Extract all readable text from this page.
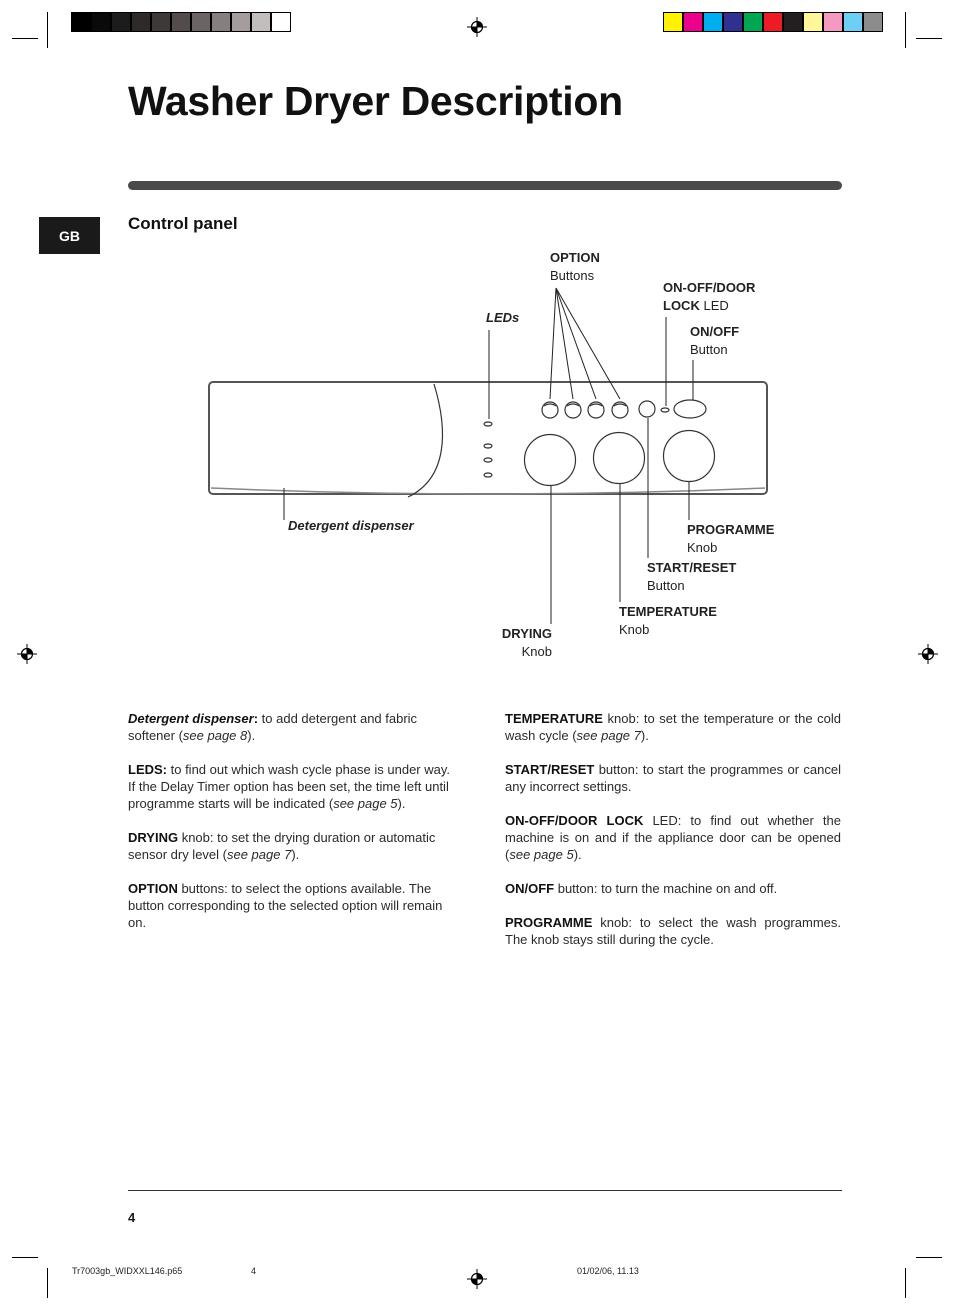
Washer Dryer Description
GB
Control panel
OPTION
Buttons
ON-OFF/DOOR
LOCK LED
ON/OFF
Button
LEDs
Detergent dispenser	PROGRAMME
Knob
START/RESET
Button
TEMPERATURE
Knob
DRYING
Knob

Detergent dispenser: to add detergent and fabric softener (see page 8).

LEDS: to find out which wash cycle phase is under way.
If the Delay Timer option has been set, the time left until programme starts will be indicated (see page 5).

DRYING knob: to set the drying duration or automatic sensor dry level (see page 7).

OPTION buttons: to select the options available. The button corresponding to the selected option will remain on.

TEMPERATURE knob: to set the temperature or the cold wash cycle (see page 7).

START/RESET button: to start the programmes or cancel any incorrect settings.

ON-OFF/DOOR LOCK LED: to find out whether the machine is on and if the appliance door can be opened (see page 5).

ON/OFF button: to turn the machine on and off.

PROGRAMME knob: to select the wash programmes. The knob stays still during the cycle.

4
Tr7003gb_WIDXXL146.p65	4	01/02/06, 11.13
